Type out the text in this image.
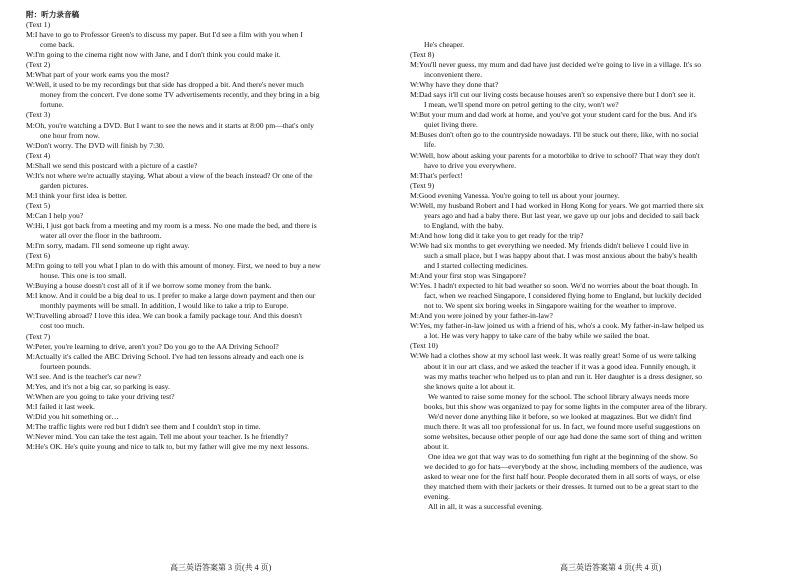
附：听力录音稿
(Text 1)
M:I have to go to Professor Green's to discuss my paper. But I'd see a film with you when I
come back.
W:I'm going to the cinema right now with Jane, and I don't think you could make it.
(Text 2)
M:What part of your work earns you the most?
W:Well, it used to be my recordings but that side has dropped a bit. And there's never much
money from the concert. I've done some TV advertisements recently, and they bring in a big
fortune.
(Text 3)
M:Oh, you're watching a DVD. But I want to see the news and it starts at 8:00 pm—that's only
one hour from now.
W:Don't worry. The DVD will finish by 7:30.
(Text 4)
M:Shall we send this postcard with a picture of a castle?
W:It's not where we're actually staying. What about a view of the beach instead? Or one of the
garden pictures.
M:I think your first idea is better.
(Text 5)
M:Can I help you?
W:Hi, I just got back from a meeting and my room is a mess. No one made the bed, and there is
water all over the floor in the bathroom.
M:I'm sorry, madam. I'll send someone up right away.
(Text 6)
M:I'm going to tell you what I plan to do with this amount of money. First, we need to buy a new
house. This one is too small.
W:Buying a house doesn't cost all of it if we borrow some money from the bank.
M:I know. And it could be a big deal to us. I prefer to make a large down payment and then our
monthly payments will be small. In addition, I would like to take a trip to Europe.
W:Travelling abroad? I love this idea. We can book a family package tour. And this doesn't
cost too much.
(Text 7)
W:Peter, you're learning to drive, aren't you? Do you go to the AA Driving School?
M:Actually it's called the ABC Driving School. I've had ten lessons already and each one is
fourteen pounds.
W:I see. And is the teacher's car new?
M:Yes, and it's not a big car, so parking is easy.
W:When are you going to take your driving test?
M:I failed it last week.
W:Did you hit something or…
M:The traffic lights were red but I didn't see them and I couldn't stop in time.
W:Never mind. You can take the test again. Tell me about your teacher. Is he friendly?
M:He's OK. He's quite young and nice to talk to, but my father will give me my next lessons.
He's cheaper.
(Text 8)
M:You'll never guess, my mum and dad have just decided we're going to live in a village. It's so
inconvenient there.
W:Why have they done that?
M:Dad says it'll cut our living costs because houses aren't so expensive there but I don't see it.
I mean, we'll spend more on petrol getting to the city, won't we?
W:But your mum and dad work at home, and you've got your student card for the bus. And it's
quiet living there.
M:Buses don't often go to the countryside nowadays. I'll be stuck out there, like, with no social
life.
W:Well, how about asking your parents for a motorbike to drive to school? That way they don't
have to drive you everywhere.
M:That's perfect!
(Text 9)
M:Good evening Vanessa. You're going to tell us about your journey.
W:Well, my husband Robert and I had worked in Hong Kong for years. We got married there six
years ago and had a baby there. But last year, we gave up our jobs and decided to sail back
to England, with the baby.
M:And how long did it take you to get ready for the trip?
W:We had six months to get everything we needed. My friends didn't believe I could live in
such a small place, but I was happy about that. I was most anxious about the baby's health
and I started collecting medicines.
M:And your first stop was Singapore?
W:Yes. I hadn't expected to hit bad weather so soon. We'd no worries about the boat though. In
fact, when we reached Singapore, I considered flying home to England, but luckily decided
not to. We spent six boring weeks in Singapore waiting for the weather to improve.
M:And you were joined by your father-in-law?
W:Yes, my father-in-law joined us with a friend of his, who's a cook. My father-in-law helped us
a lot. He was very happy to take care of the baby while we sailed the boat.
(Text 10)
W:We had a clothes show at my school last week. It was really great! Some of us were talking
about it in our art class, and we asked the teacher if it was a good idea. Funnily enough, it
was my maths teacher who helped us to plan and run it. Her daughter is a dress designer, so
she knows quite a lot about it.
We wanted to raise some money for the school. The school library always needs more
books, but this show was organized to pay for some lights in the computer area of the library.
We'd never done anything like it before, so we looked at magazines. But we didn't find
much there. It was all too professional for us. In fact, we found more useful suggestions on
some websites, because other people of our age had done the same sort of thing and written
about it.
One idea we got that way was to do something fun right at the beginning of the show. So
we decided to go for hats—everybody at the show, including members of the audience, was
asked to wear one for the first half hour. People decorated them in all sorts of ways, or else
they matched them with their jackets or their dresses. It turned out to be a great start to the
evening.
All in all, it was a successful evening.
高三英语答案第 3 页(共 4 页)	高三英语答案第 4 页(共 4 页)
